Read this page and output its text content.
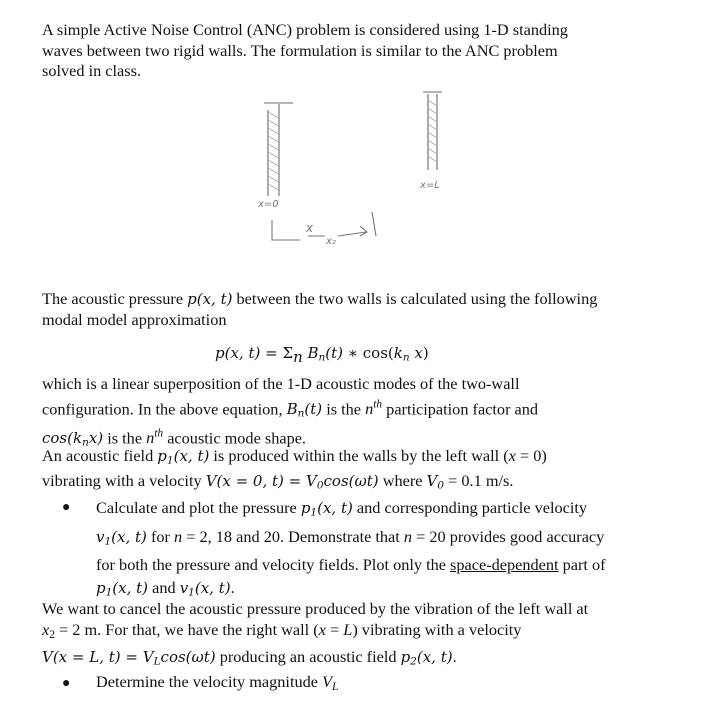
A simple Active Noise Control (ANC) problem is considered using 1-D standing
waves between two rigid walls. The formulation is similar to the ANC problem
solved in class.

x=0
x=L
x
x₂

The acoustic pressure p(x, t) between the two walls is calculated using the following
modal model approximation

p(x, $t) = \Sigma_n$ $B_n(t)$ ∗ $\cos(k_n$ x)

which is a linear superposition of the 1-D acoustic modes of the two-wall
configuration. In the above equation, $B_n(t)$ is the $n^{th}$ participation factor and
$\cos(k_nx)$ is the $n^{th}$ acoustic mode shape.

An acoustic field $p_1(x$, t) is produced within the walls by the left wall (x = 0)
vibrating with a velocity V(x = 0, $t) = V_0\cos(\omega t)$ where $V_0 = 0.1$ m/s.

● Calculate and plot the pressure $p_1(x$, t) and corresponding particle velocity
$v_1(x$, t) for n = 2, 18 and 20. Demonstrate that n = 20 provides good accuracy
for both the pressure and velocity fields. Plot only the space-dependent part of
$p_1(x$, t) and $v_1(x$, t).

We want to cancel the acoustic pressure produced by the vibration of the left wall at
$x_2 = 2$ m. For that, we have the right wall (x = L) vibrating with a velocity
V(x = L, $t) = V_L\cos(\omega t)$ producing an acoustic field $p_2(x$, t).

● Determine the velocity magnitude $V_L$
